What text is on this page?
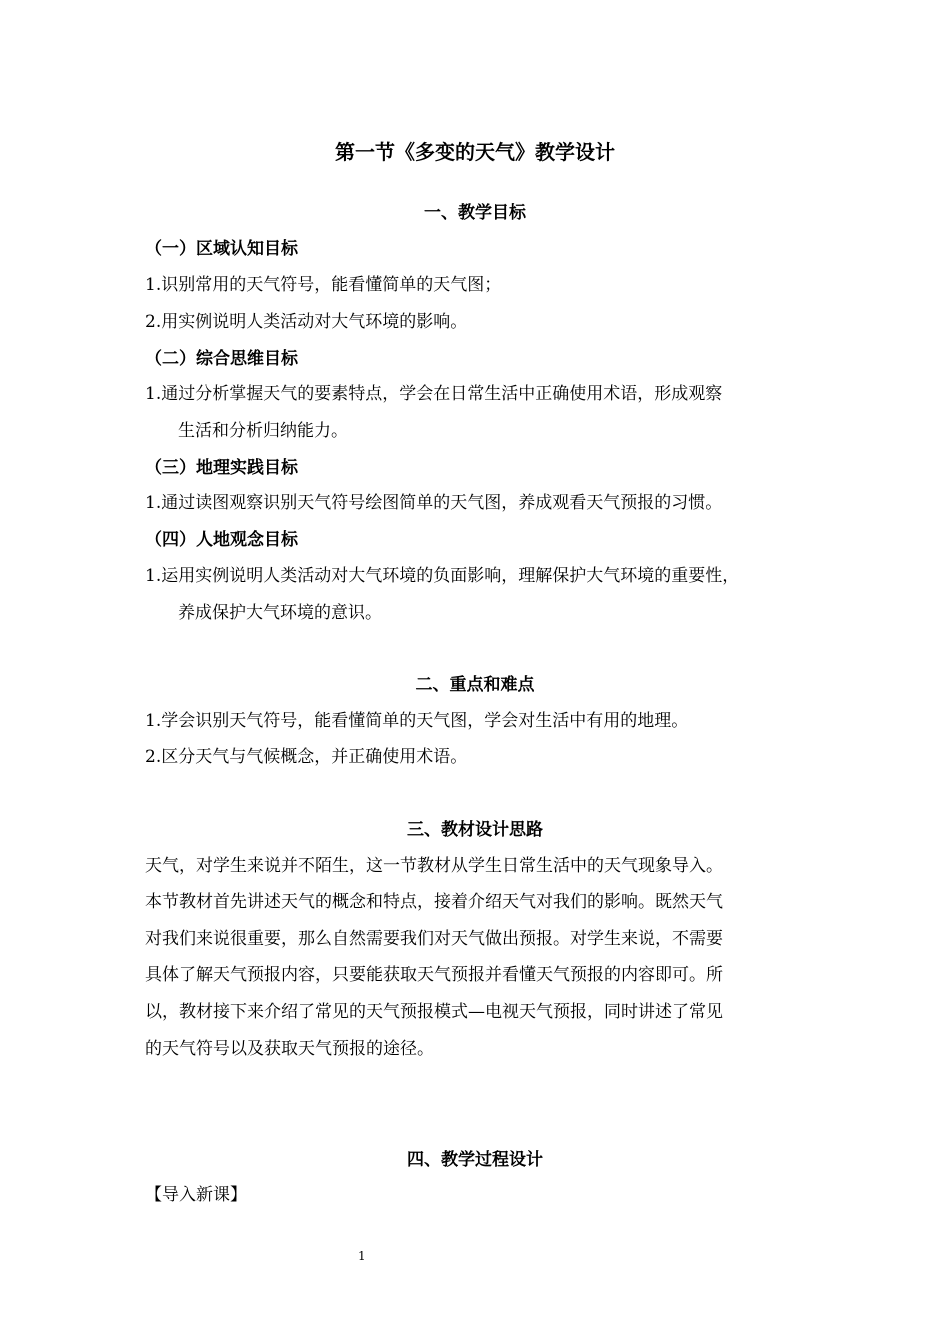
第一节《多变的天气》教学设计
一、教学目标
（一）区域认知目标
1.识别常用的天气符号，能看懂简单的天气图；
2.用实例说明人类活动对大气环境的影响。
（二）综合思维目标
1.通过分析掌握天气的要素特点，学会在日常生活中正确使用术语，形成观察
生活和分析归纳能力。
（三）地理实践目标
1.通过读图观察识别天气符号绘图简单的天气图，养成观看天气预报的习惯。
（四）人地观念目标
1.运用实例说明人类活动对大气环境的负面影响，理解保护大气环境的重要性，
养成保护大气环境的意识。
二、重点和难点
1.学会识别天气符号，能看懂简单的天气图，学会对生活中有用的地理。
2.区分天气与气候概念，并正确使用术语。
三、教材设计思路
天气，对学生来说并不陌生，这一节教材从学生日常生活中的天气现象导入。
本节教材首先讲述天气的概念和特点，接着介绍天气对我们的影响。既然天气
对我们来说很重要，那么自然需要我们对天气做出预报。对学生来说，不需要
具体了解天气预报内容，只要能获取天气预报并看懂天气预报的内容即可。所
以，教材接下来介绍了常见的天气预报模式—电视天气预报，同时讲述了常见
的天气符号以及获取天气预报的途径。
四、教学过程设计
【导入新课】
1
